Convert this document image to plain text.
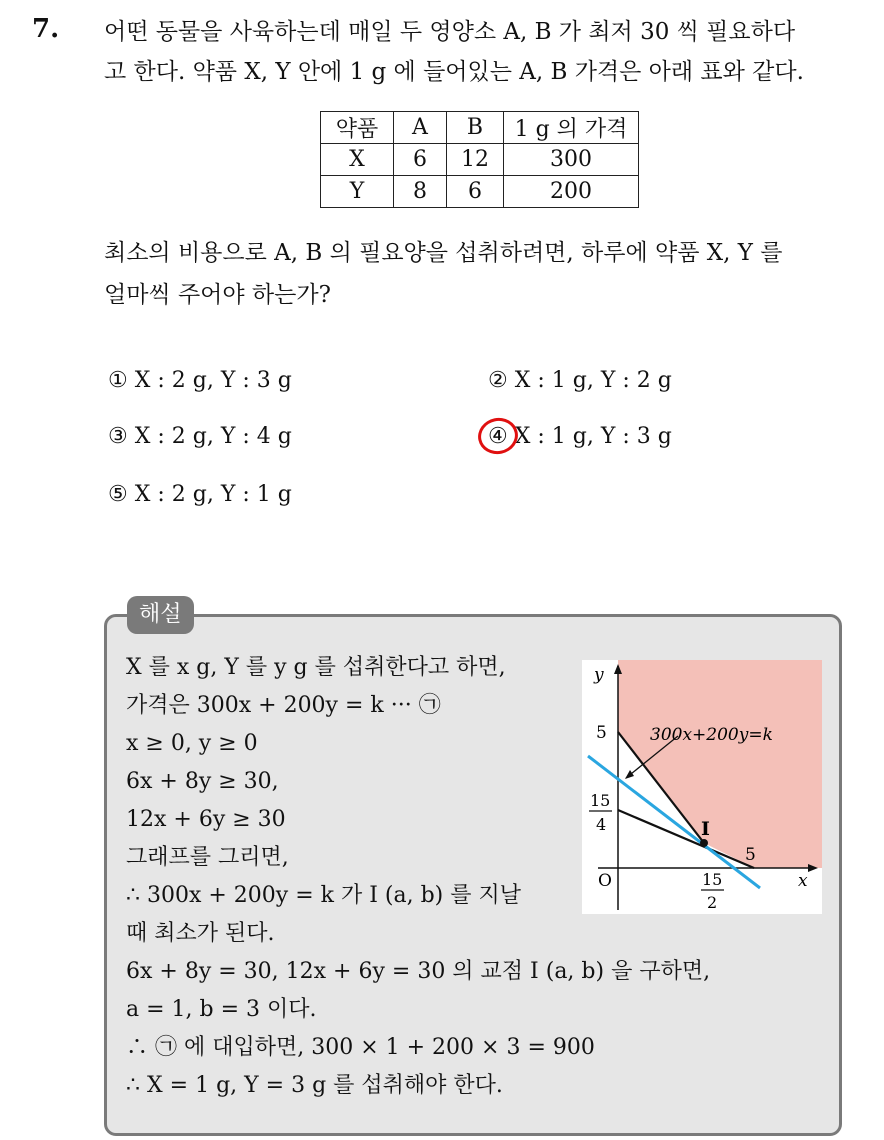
7. 어떤 동물을 사육하는데 매일 두 영양소 A, B 가 최저 30 씩 필요하다
고 한다. 약품 X, Y 안에 1 g 에 들어있는 A, B 가격은 아래 표와 같다.
약품	A	B	1 g 의 가격
X	6	12	300
Y	8	6	200
최소의 비용으로 A, B 의 필요양을 섭취하려면, 하루에 약품 X, Y 를
얼마씩 주어야 하는가?
① X : 2 g, Y : 3 g	② X : 1 g, Y : 2 g
③ X : 2 g, Y : 4 g	④ X : 1 g, Y : 3 g
⑤ X : 2 g, Y : 1 g
해설
X 를 x g, Y 를 y g 를 섭취한다고 하면,
가격은 300x + 200y = k ··· ㉠
x ≥ 0, y ≥ 0
6x + 8y ≥ 30,
12x + 6y ≥ 30
그래프를 그리면,
∴ 300x + 200y = k 가 I (a, b) 를 지날
때 최소가 된다.
6x + 8y = 30, 12x + 6y = 30 의 교점 I (a, b) 을 구하면,
a = 1, b = 3 이다.
∴ ㉠ 에 대입하면, 300 × 1 + 200 × 3 = 900
∴ X = 1 g, Y = 3 g 를 섭취해야 한다.
y
x
O
5
15
4
15
2
5
I
300x+200y=k
